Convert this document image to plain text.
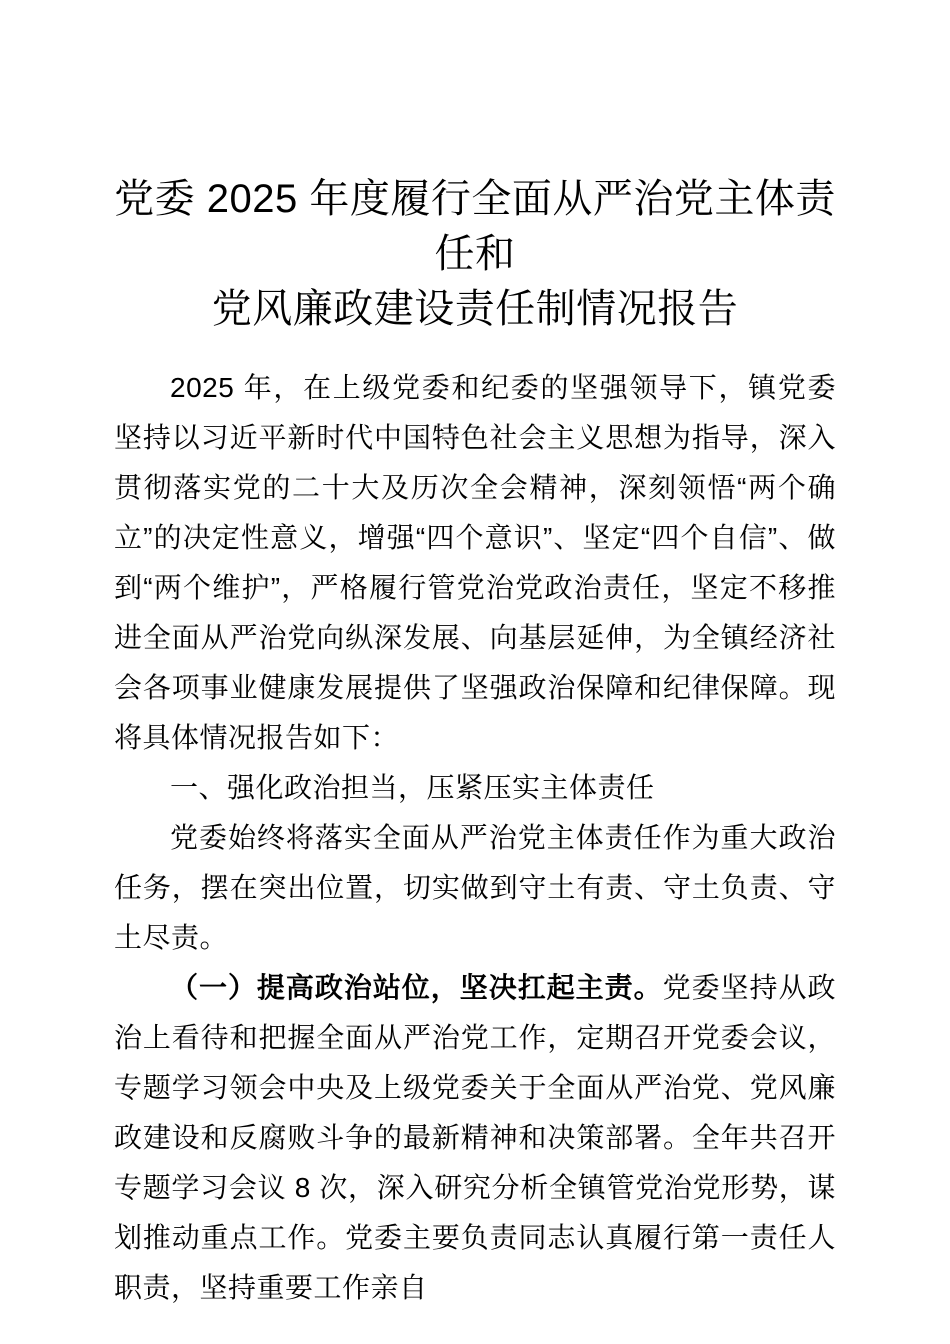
党委 2025 年度履行全面从严治党主体责任和
党风廉政建设责任制情况报告

2025 年，在上级党委和纪委的坚强领导下，镇党委坚持以习近平新时代中国特色社会主义思想为指导，深入贯彻落实党的二十大及历次全会精神，深刻领悟“两个确立”的决定性意义，增强“四个意识”、坚定“四个自信”、做到“两个维护”，严格履行管党治党政治责任，坚定不移推进全面从严治党向纵深发展、向基层延伸，为全镇经济社会各项事业健康发展提供了坚强政治保障和纪律保障。现将具体情况报告如下：

一、强化政治担当，压紧压实主体责任

党委始终将落实全面从严治党主体责任作为重大政治任务，摆在突出位置，切实做到守土有责、守土负责、守土尽责。

（一）提高政治站位，坚决扛起主责。党委坚持从政治上看待和把握全面从严治党工作，定期召开党委会议，专题学习领会中央及上级党委关于全面从严治党、党风廉政建设和反腐败斗争的最新精神和决策部署。全年共召开专题学习会议 8 次，深入研究分析全镇管党治党形势，谋划推动重点工作。党委主要负责同志认真履行第一责任人职责，坚持重要工作亲自
